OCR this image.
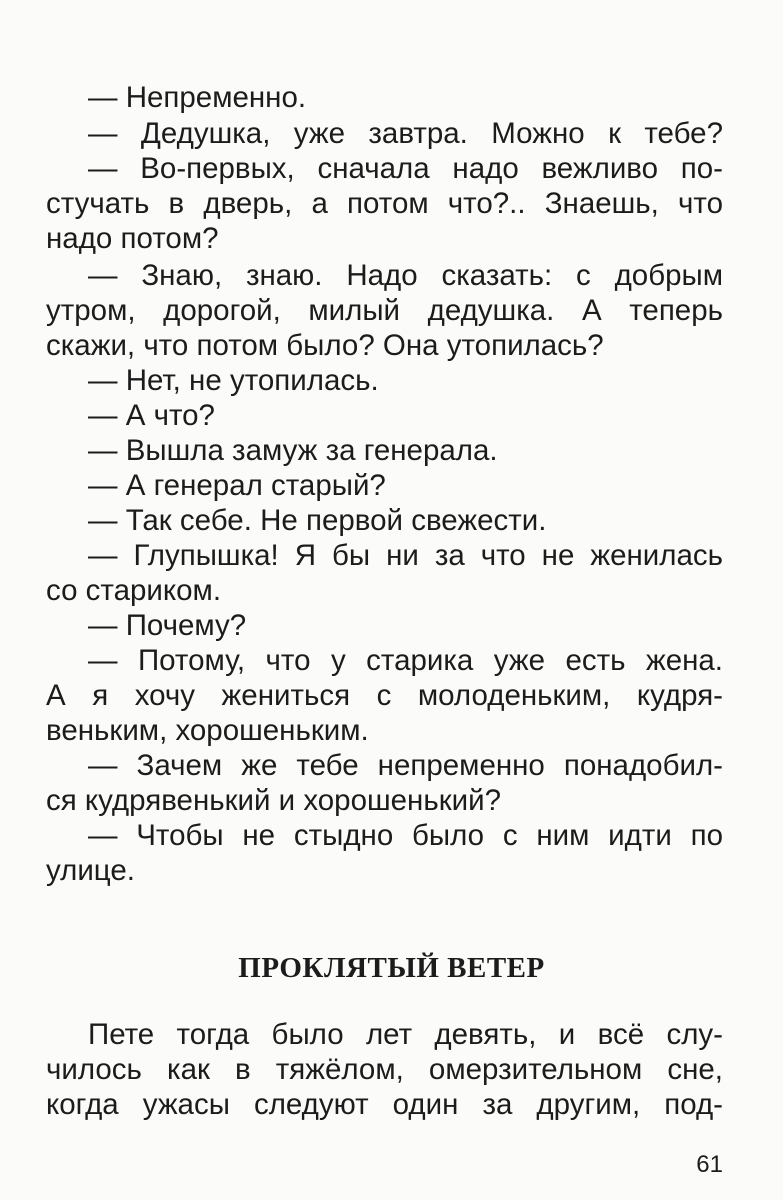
— Непременно.
— Дедушка, уже завтра. Можно к тебе?
— Во-первых, сначала надо вежливо по-
стучать в дверь, а потом что?.. Знаешь, что
надо потом?
— Знаю, знаю. Надо сказать: с добрым
утром, дорогой, милый дедушка. А теперь
скажи, что потом было? Она утопилась?
— Нет, не утопилась.
— А что?
— Вышла замуж за генерала.
— А генерал старый?
— Так себе. Не первой свежести.
— Глупышка! Я бы ни за что не женилась
со стариком.
— Почему?
— Потому, что у старика уже есть жена.
А я хочу жениться с молоденьким, кудря-
веньким, хорошеньким.
— Зачем же тебе непременно понадобил-
ся кудрявенький и хорошенький?
— Чтобы не стыдно было с ним идти по
улице.
ПРОКЛЯТЫЙ ВЕТЕР
Пете тогда было лет девять, и всё слу-
чилось как в тяжёлом, омерзительном сне,
когда ужасы следуют один за другим, под-
61
